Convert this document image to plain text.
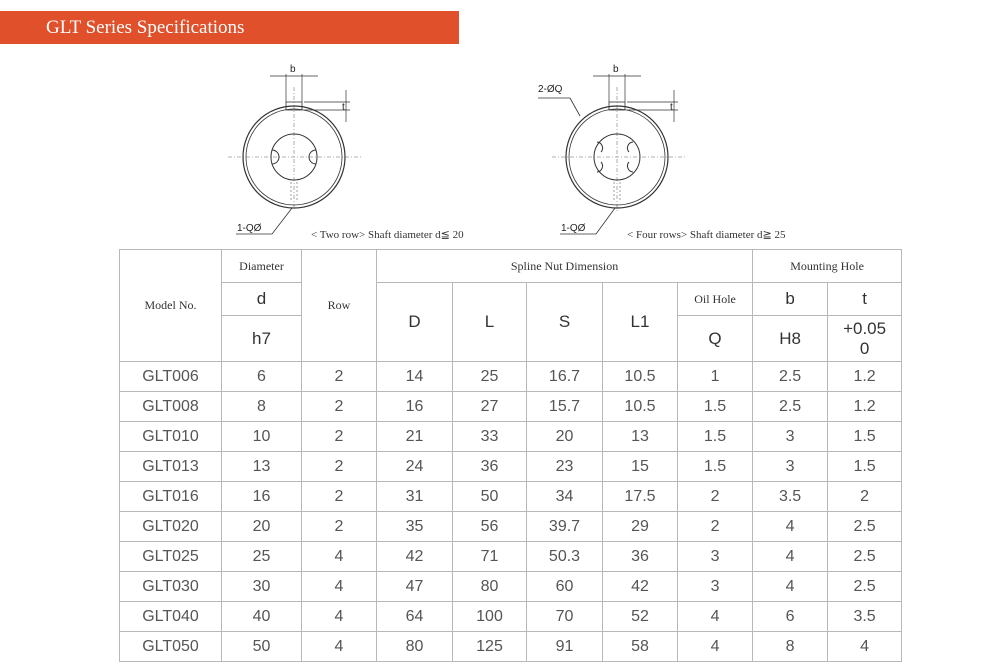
GLT Series Specifications
b
t
1-QØ
< Two row> Shaft diameter d≦ 20
b
t
2-ØQ
1-QØ
< Four rows> Shaft diameter d≧ 25
Model No.	Diameter	Row	Spline Nut Dimension					Mounting Hole	
	d		D	L	S	L1	Oil Hole	b	t
	h7						Q	H8	+0.05
0
GLT006	6	2	14	25	16.7	10.5	1	2.5	1.2
GLT008	8	2	16	27	15.7	10.5	1.5	2.5	1.2
GLT010	10	2	21	33	20	13	1.5	3	1.5
GLT013	13	2	24	36	23	15	1.5	3	1.5
GLT016	16	2	31	50	34	17.5	2	3.5	2
GLT020	20	2	35	56	39.7	29	2	4	2.5
GLT025	25	4	42	71	50.3	36	3	4	2.5
GLT030	30	4	47	80	60	42	3	4	2.5
GLT040	40	4	64	100	70	52	4	6	3.5
GLT050	50	4	80	125	91	58	4	8	4
